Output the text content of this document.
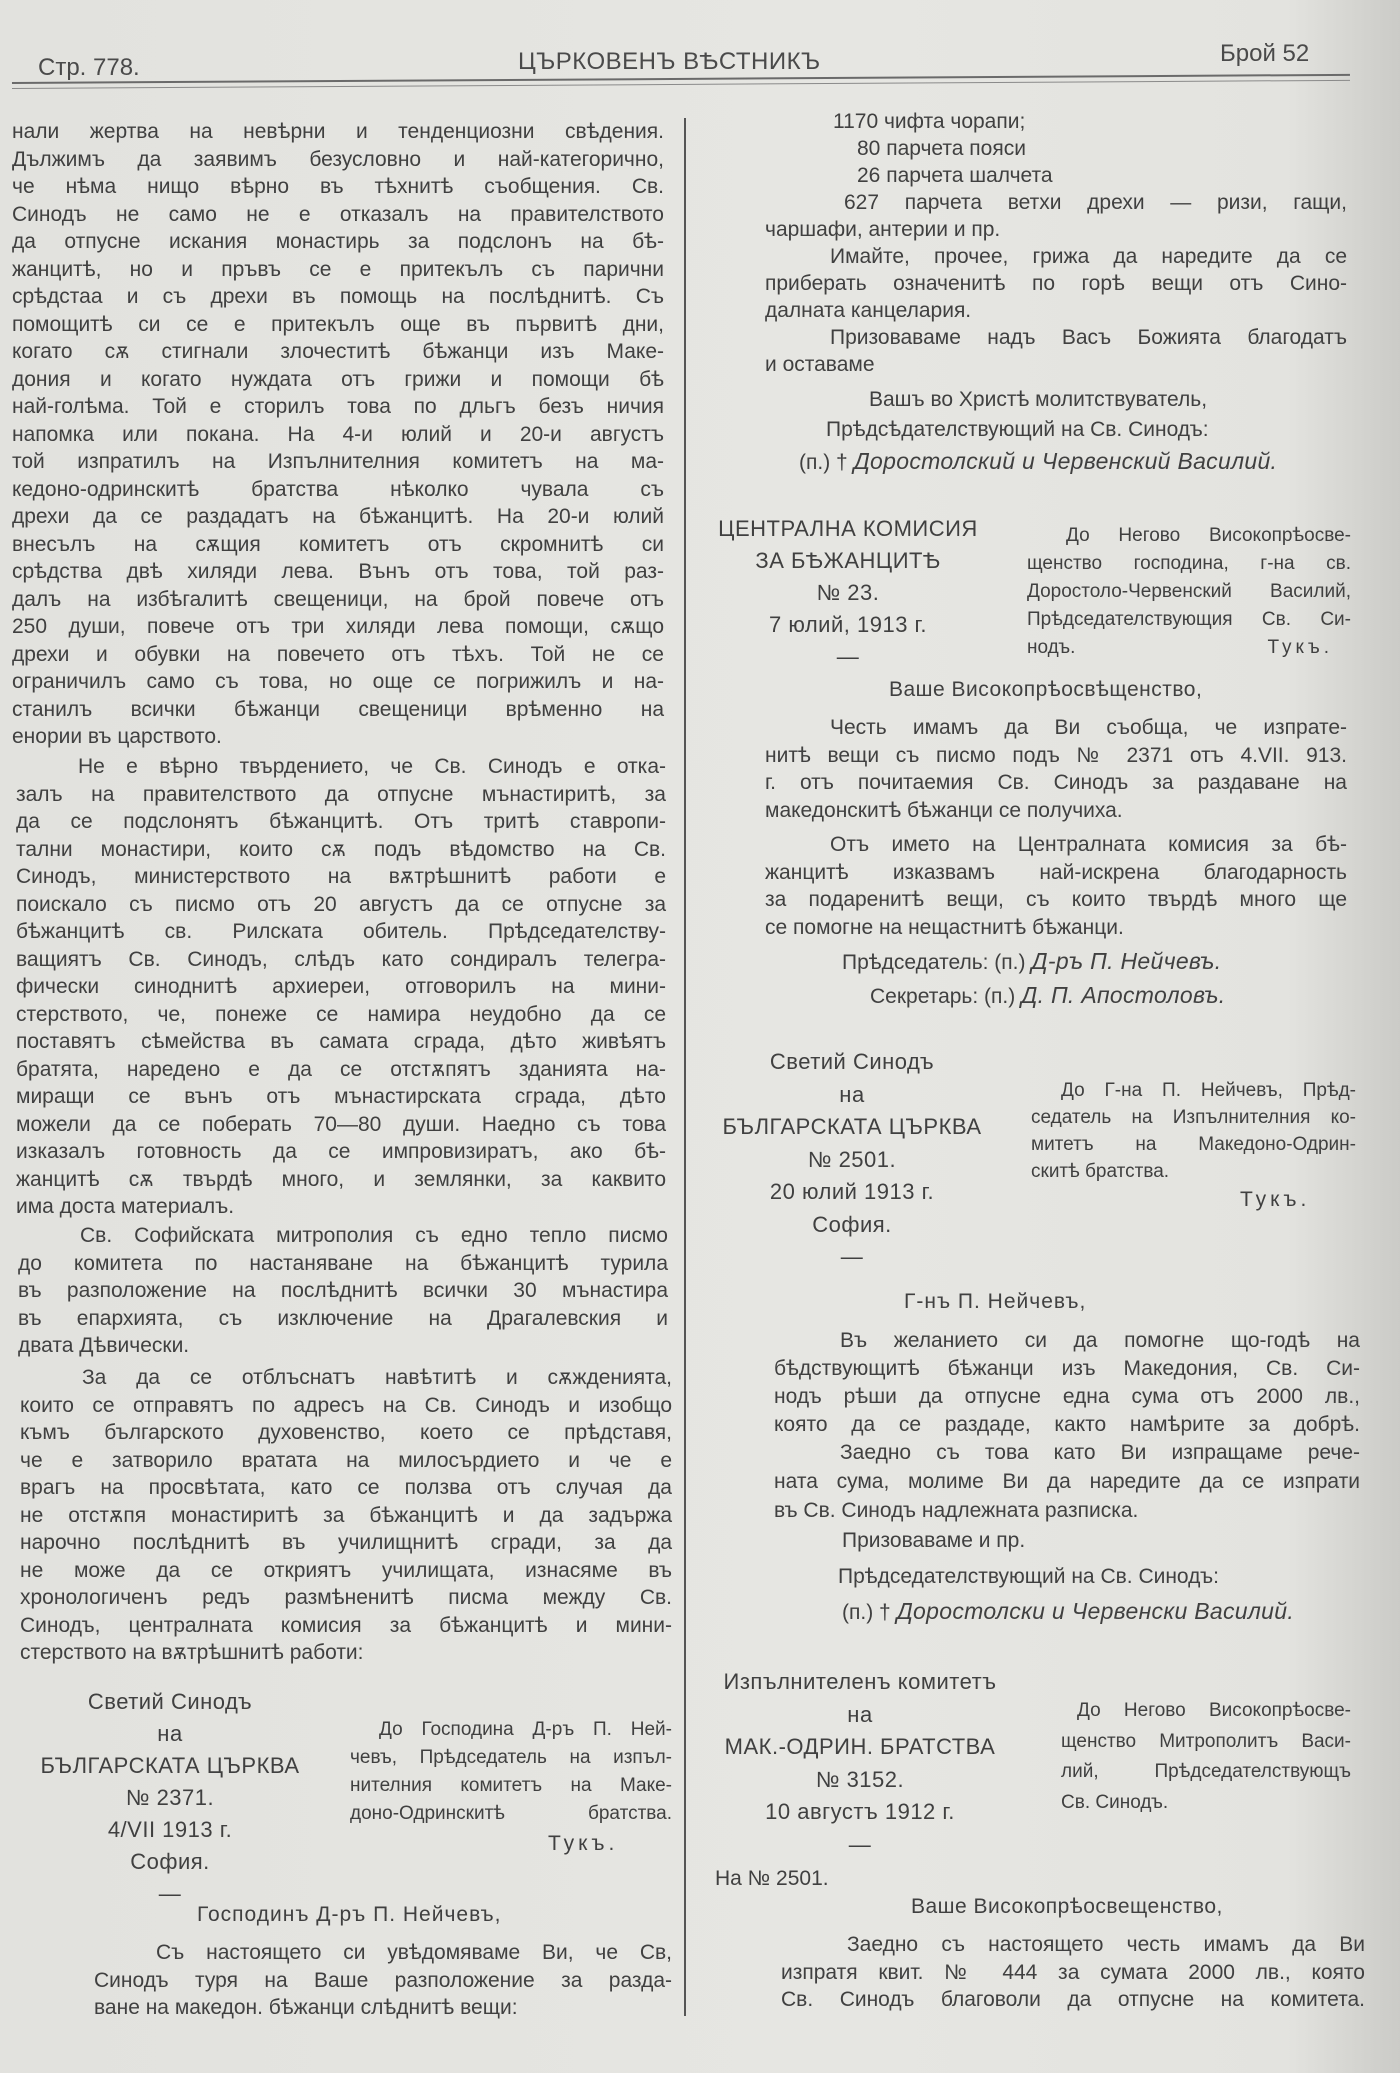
Стр. 778.	ЦЪРКОВЕНЪ ВѢСТНИКЪ	Брой 52
нали жертва на невѣрни и тенденциозни свѣдения.
Дължимъ да заявимъ безусловно и най-категорично,
че нѣма нищо вѣрно въ тѣхнитѣ съобщения. Св.
Синодъ не само не е отказалъ на правителството
да отпусне искания монастирь за подслонъ на бѣ-
жанцитѣ, но и пръвъ се е притекълъ съ парични
срѣдстаа и съ дрехи въ помощь на послѣднитѣ. Съ
помощитѣ си се е притекълъ още въ първитѣ дни,
когато сѫ стигнали злочеститѣ бѣжанци изъ Маке-
дония и когато нуждата отъ грижи и помощи бѣ
най-голѣма. Той е сторилъ това по дльгъ безъ ничия
напомка или покана. На 4-и юлий и 20-и августъ
той изпратилъ на Изпълнителния комитетъ на ма-
кедоно-одринскитѣ братства нѣколко чувала съ
дрехи да се раздадатъ на бѣжанцитѣ. На 20-и юлий
внесълъ на сѫщия комитетъ отъ скромнитѣ си
срѣдства двѣ хиляди лева. Вънъ отъ това, той раз-
далъ на избѣгалитѣ свещеници, на брой повече отъ
250 души, повече отъ три хиляди лева помощи, сѫщо
дрехи и обувки на повечето отъ тѣхъ. Той не се
ограничилъ само съ това, но още се погрижилъ и на-
станилъ всички бѣжанци свещеници врѣменно на
енории въ царството.
Не е вѣрно твърдението, че Св. Синодъ е отка-
залъ на правителството да отпусне мънастиритѣ, за
да се подслонятъ бѣжанцитѣ. Отъ тритѣ ставропи-
тални монастири, които сѫ подъ вѣдомство на Св.
Синодъ, министерството на вѫтрѣшнитѣ работи е
поискало съ писмо отъ 20 августъ да се отпусне за
бѣжанцитѣ св. Рилската обитель. Прѣдседателству-
ващиятъ Св. Синодъ, слѣдъ като сондиралъ телегра-
фически синоднитѣ архиереи, отговорилъ на мини-
стерството, че, понеже се намира неудобно да се
поставятъ сѣмейства въ самата сграда, дѣто живѣятъ
братята, наредено е да се отстѫпятъ зданията на-
миращи се вънъ отъ мънастирската сграда, дѣто
можели да се поберать 70—80 души. Наедно съ това
изказалъ готовность да се импровизиратъ, ако бѣ-
жанцитѣ сѫ твърдѣ много, и землянки, за каквито
има доста материалъ.
Св. Софийската митрополия съ едно тепло писмо
до комитета по настаняване на бѣжанцитѣ турила
въ разположение на послѣднитѣ всички 30 мънастира
въ епархията, съ изключение на Драгалевския и
двата Дѣвически.
За да се отблъснатъ навѣтитѣ и сѫжденията,
които се отправятъ по адресъ на Св. Синодъ и изобщо
къмъ българското духовенство, което се прѣдставя,
че е затворило вратата на милосърдието и че е
врагъ на просвѣтата, като се ползва отъ случая да
не отстѫпя монастиритѣ за бѣжанцитѣ и да задържа
нарочно послѣднитѣ въ училищнитѣ сгради, за да
не може да се откриятъ училищата, изнасяме въ
хронологиченъ редъ размѣненитѣ писма между Св.
Синодъ, централната комисия за бѣжанцитѣ и мини-
стерството на вѫтрѣшнитѣ работи:
Светий Синодъ
на
БЪЛГАРСКАТА ЦЪРКВА
№ 2371.
4/VII 1913 г.
София.
—
До Господина Д-ръ П. Ней-
чевъ, Прѣдседатель на изпъл-
нителния комитетъ на Маке-
доно-Одринскитѣ братства.
Тукъ.
Господинъ Д-ръ П. Нейчевъ,
Съ настоящето си увѣдомяваме Ви, че Св,
Синодъ туря на Ваше разположение за разда-
ване на македон. бѣжанци слѣднитѣ вещи:
1170 чифта чорапи;
80 парчета пояси
26 парчета шалчета
627 парчета ветхи дрехи — ризи, гащи,
чаршафи, антерии и пр.
Имайте, прочее, грижа да наредите да се
приберать означенитѣ по горѣ вещи отъ Сино-
далната канцелария.
Призоваваме надъ Васъ Божията благодатъ
и оставаме
Вашъ во Христѣ молитствуватель,
Прѣдсѣдателствующий на Св. Синодъ:
(п.) † Доростолский и Червенский Василий.
ЦЕНТРАЛНА КОМИСИЯ
ЗА БѢЖАНЦИТѢ
№ 23.
7 юлий, 1913 г.
—
До Негово Високопрѣосве-
щенство господина, г-на св.
Доростоло-Червенский Василий,
Прѣдседателствующия Св. Си-
нодъ.	Тукъ.
Ваше Високопрѣосвѣщенство,
Честь имамъ да Ви съобща, че изпрате-
нитѣ вещи съ писмо подъ № 2371 отъ 4.VII. 913.
г. отъ почитаемия Св. Синодъ за раздаване на
македонскитѣ бѣжанци се получиха.
Отъ името на Централната комисия за бѣ-
жанцитѣ изказвамъ най-искрена благодарность
за подаренитѣ вещи, съ които твърдѣ много ще
се помогне на нещастнитѣ бѣжанци.
Прѣдседатель: (п.) Д-ръ П. Нейчевъ.
Секретарь: (п.) Д. П. Апостоловъ.
Светий Синодъ
на
БЪЛГАРСКАТА ЦЪРКВА
№ 2501.
20 юлий 1913 г.
София.
—
До Г-на П. Нейчевъ, Прѣд-
седатель на Изпълнителния ко-
митетъ на Македоно-Одрин-
скитѣ братства.
Тукъ.
Г-нъ П. Нейчевъ,
Въ желанието си да помогне що-годѣ на
бѣдствующитѣ бѣжанци изъ Македония, Св. Си-
нодъ рѣши да отпусне една сума отъ 2000 лв.,
която да се раздаде, както намѣрите за добрѣ.
Заедно съ това като Ви изпращаме рече-
ната сума, молиме Ви да наредите да се изпрати
въ Св. Синодъ надлежната разписка.
Призоваваме и пр.
Прѣдседателствующий на Св. Синодъ:
(п.) † Доростолски и Червенски Василий.
Изпълнителенъ комитетъ
на
МАК.-ОДРИН. БРАТСТВА
№ 3152.
10 августъ 1912 г.
—
До Негово Високопрѣосве-
щенство Митрополитъ Васи-
лий, Прѣдседателствующъ
Св. Синодъ.
На № 2501.
Ваше Високопрѣосвещенство,
Заедно съ настоящето честь имамъ да Ви
изпратя квит. № 444 за сумата 2000 лв., която
Св. Синодъ благоволи да отпусне на комитета.
